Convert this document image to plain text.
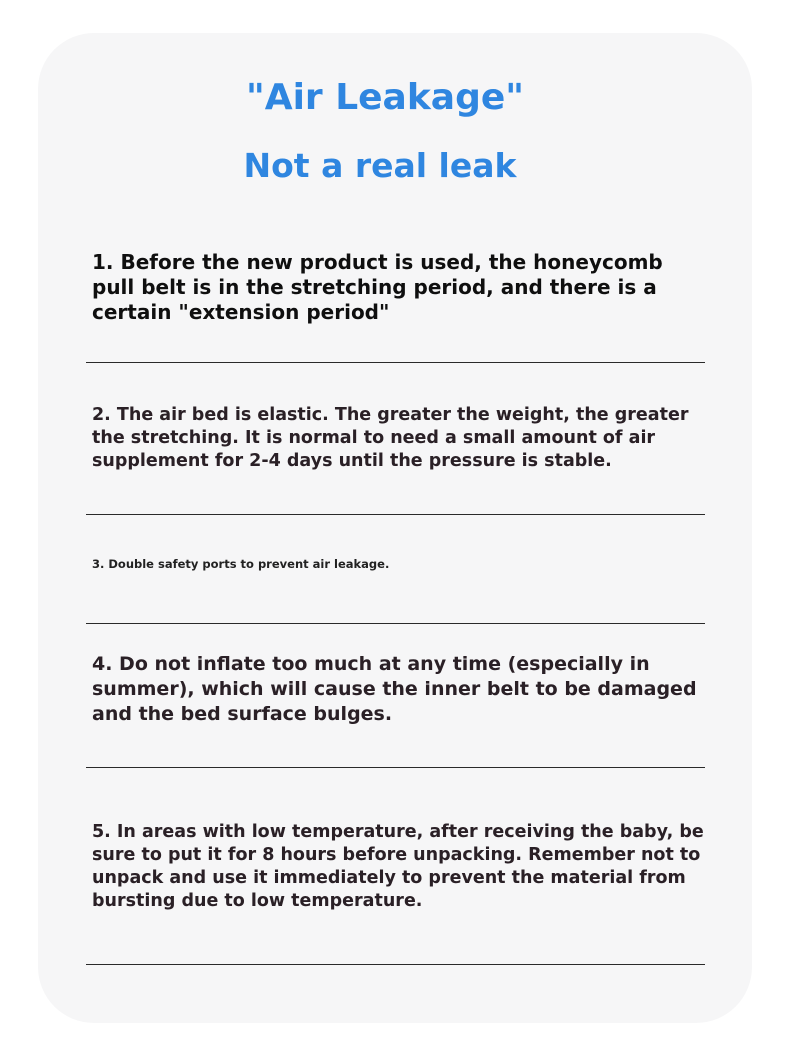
"Air Leakage"
Not a real leak

1. Before the new product is used, the honeycomb pull belt is in the stretching period, and there is a certain "extension period"

2. The air bed is elastic. The greater the weight, the greater the stretching. It is normal to need a small amount of air supplement for 2-4 days until the pressure is stable.

3. Double safety ports to prevent air leakage.

4. Do not inflate too much at any time (especially in summer), which will cause the inner belt to be damaged and the bed surface bulges.

5. In areas with low temperature, after receiving the baby, be sure to put it for 8 hours before unpacking. Remember not to unpack and use it immediately to prevent the material from bursting due to low temperature.
